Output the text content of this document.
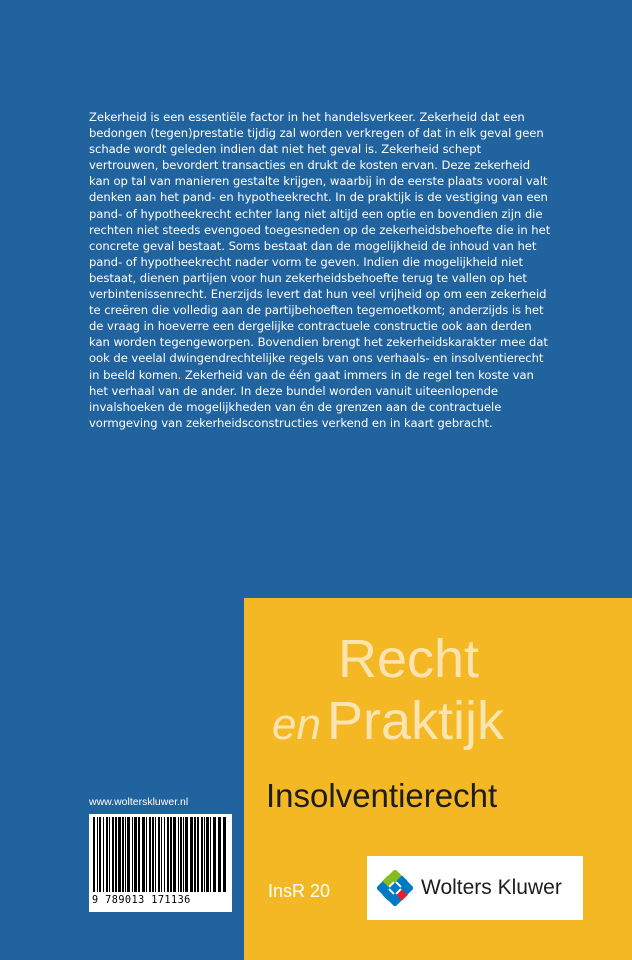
Zekerheid is een essentiële factor in het handelsverkeer. Zekerheid dat een bedongen (tegen)prestatie tijdig zal worden verkregen of dat in elk geval geen schade wordt geleden indien dat niet het geval is. Zekerheid schept vertrouwen, bevordert transacties en drukt de kosten ervan. Deze zekerheid kan op tal van manieren gestalte krijgen, waarbij in de eerste plaats vooral valt denken aan het pand- en hypotheekrecht. In de praktijk is de vestiging van een pand- of hypotheekrecht echter lang niet altijd een optie en bovendien zijn die rechten niet steeds evengoed toegesneden op de zekerheidsbehoefte die in het concrete geval bestaat. Soms bestaat dan de mogelijkheid de inhoud van het pand- of hypotheekrecht nader vorm te geven. Indien die mogelijkheid niet bestaat, dienen partijen voor hun zekerheidsbehoefte terug te vallen op het verbintenissenrecht. Enerzijds levert dat hun veel vrijheid op om een zekerheid te creëren die volledig aan de partijbehoeften tegemoetkomt; anderzijds is het de vraag in hoeverre een dergelijke contractuele constructie ook aan derden kan worden tegengeworpen. Bovendien brengt het zekerheidskarakter mee dat ook de veelal dwingendrechtelijke regels van ons verhaals- en insolventierecht in beeld komen. Zekerheid van de één gaat immers in de regel ten koste van het verhaal van de ander. In deze bundel worden vanuit uiteenlopende invalshoeken de mogelijkheden van én de grenzen aan de contractuele vormgeving van zekerheidsconstructies verkend en in kaart gebracht.

www.wolterskluwer.nl
9 789013 171136
Recht
en Praktijk
Insolventierecht
InsR 20	Wolters Kluwer
